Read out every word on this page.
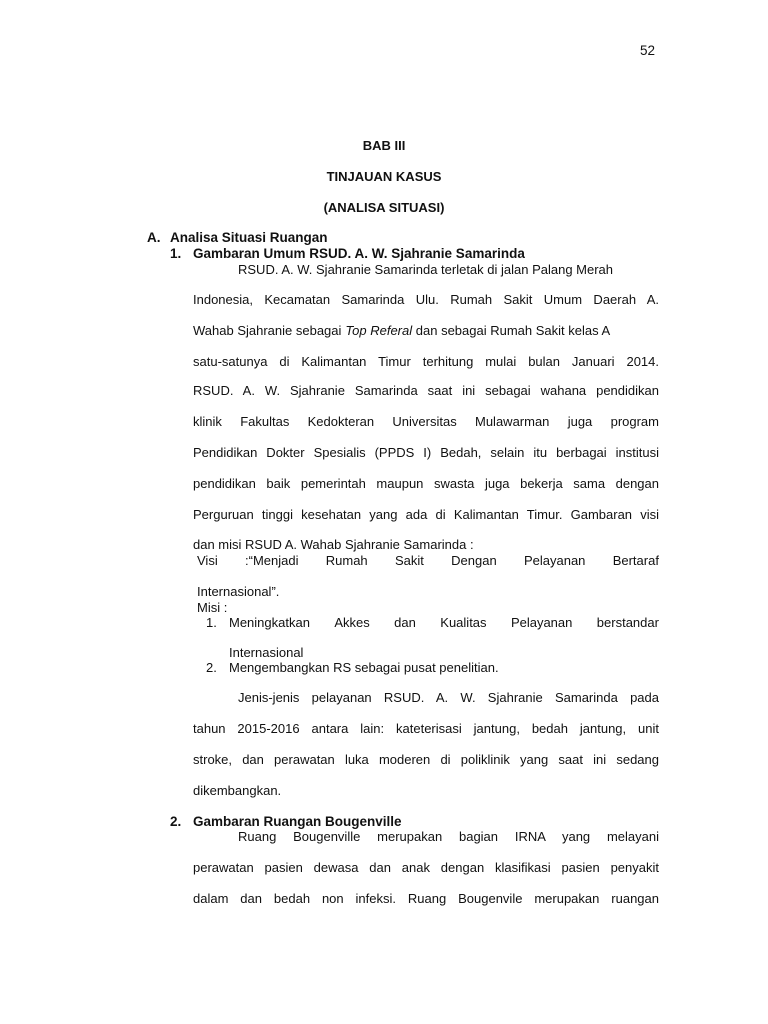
52
BAB III
TINJAUAN KASUS
(ANALISA SITUASI)
A. Analisa Situasi Ruangan
1. Gambaran Umum RSUD. A. W. Sjahranie Samarinda
RSUD. A. W. Sjahranie Samarinda terletak di jalan Palang Merah
Indonesia, Kecamatan Samarinda Ulu. Rumah Sakit Umum Daerah A.
Wahab Sjahranie sebagai Top Referal dan sebagai Rumah Sakit kelas A
satu-satunya di Kalimantan Timur terhitung mulai bulan Januari 2014.
RSUD. A. W. Sjahranie Samarinda saat ini sebagai wahana pendidikan
klinik Fakultas Kedokteran Universitas Mulawarman juga program
Pendidikan Dokter Spesialis (PPDS I) Bedah, selain itu berbagai institusi
pendidikan baik pemerintah maupun swasta juga bekerja sama dengan
Perguruan tinggi kesehatan yang ada di Kalimantan Timur. Gambaran visi
dan misi RSUD A. Wahab Sjahranie Samarinda :
Visi :“Menjadi Rumah Sakit Dengan Pelayanan Bertaraf
Internasional”.
Misi :
1. Meningkatkan Akkes dan Kualitas Pelayanan berstandar
Internasional
2. Mengembangkan RS sebagai pusat penelitian.
Jenis-jenis pelayanan RSUD. A. W. Sjahranie Samarinda pada
tahun 2015-2016 antara lain: kateterisasi jantung, bedah jantung, unit
stroke, dan perawatan luka moderen di poliklinik yang saat ini sedang
dikembangkan.
2. Gambaran Ruangan Bougenville
Ruang Bougenville merupakan bagian IRNA yang melayani
perawatan pasien dewasa dan anak dengan klasifikasi pasien penyakit
dalam dan bedah non infeksi. Ruang Bougenvile merupakan ruangan
